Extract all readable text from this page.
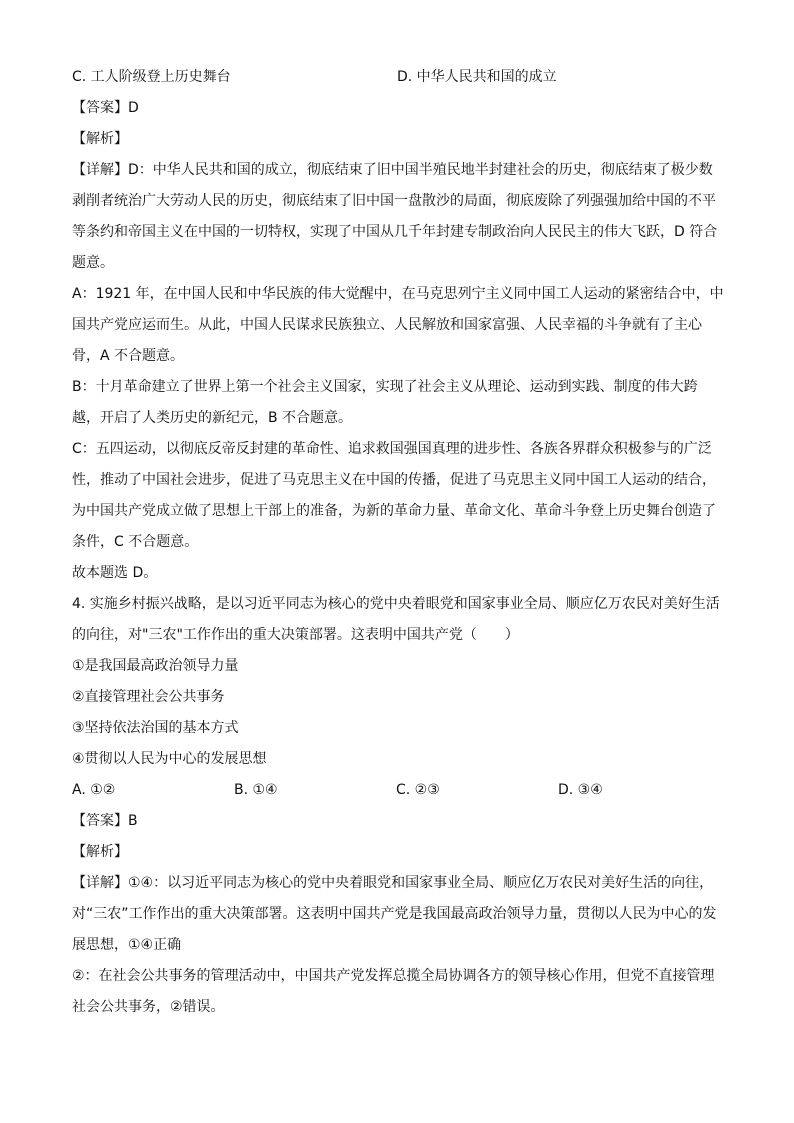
C. 工人阶级登上历史舞台	D. 中华人民共和国的成立
【答案】D
【解析】
【详解】D：中华人民共和国的成立，彻底结束了旧中国半殖民地半封建社会的历史，彻底结束了极少数
剥削者统治广大劳动人民的历史，彻底结束了旧中国一盘散沙的局面，彻底废除了列强强加给中国的不平
等条约和帝国主义在中国的一切特权，实现了中国从几千年封建专制政治向人民民主的伟大飞跃，D 符合
题意。
A：1921 年，在中国人民和中华民族的伟大觉醒中，在马克思列宁主义同中国工人运动的紧密结合中，中
国共产党应运而生。从此，中国人民谋求民族独立、人民解放和国家富强、人民幸福的斗争就有了主心
骨，A 不合题意。
B：十月革命建立了世界上第一个社会主义国家，实现了社会主义从理论、运动到实践、制度的伟大跨
越，开启了人类历史的新纪元，B 不合题意。
C：五四运动，以彻底反帝反封建的革命性、追求救国强国真理的进步性、各族各界群众积极参与的广泛
性，推动了中国社会进步，促进了马克思主义在中国的传播，促进了马克思主义同中国工人运动的结合，
为中国共产党成立做了思想上干部上的准备，为新的革命力量、革命文化、革命斗争登上历史舞台创造了
条件，C 不合题意。
故本题选 D。
4. 实施乡村振兴战略，是以习近平同志为核心的党中央着眼党和国家事业全局、顺应亿万农民对美好生活
的向往，对"三农"工作作出的重大决策部署。这表明中国共产党（　　）
①是我国最高政治领导力量
②直接管理社会公共事务
③坚持依法治国的基本方式
④贯彻以人民为中心的发展思想
A. ①②	B. ①④	C. ②③	D. ③④
【答案】B
【解析】
【详解】①④：以习近平同志为核心的党中央着眼党和国家事业全局、顺应亿万农民对美好生活的向往，
对“三农”工作作出的重大决策部署。这表明中国共产党是我国最高政治领导力量，贯彻以人民为中心的发
展思想，①④正确
②：在社会公共事务的管理活动中，中国共产党发挥总揽全局协调各方的领导核心作用，但党不直接管理
社会公共事务，②错误。
